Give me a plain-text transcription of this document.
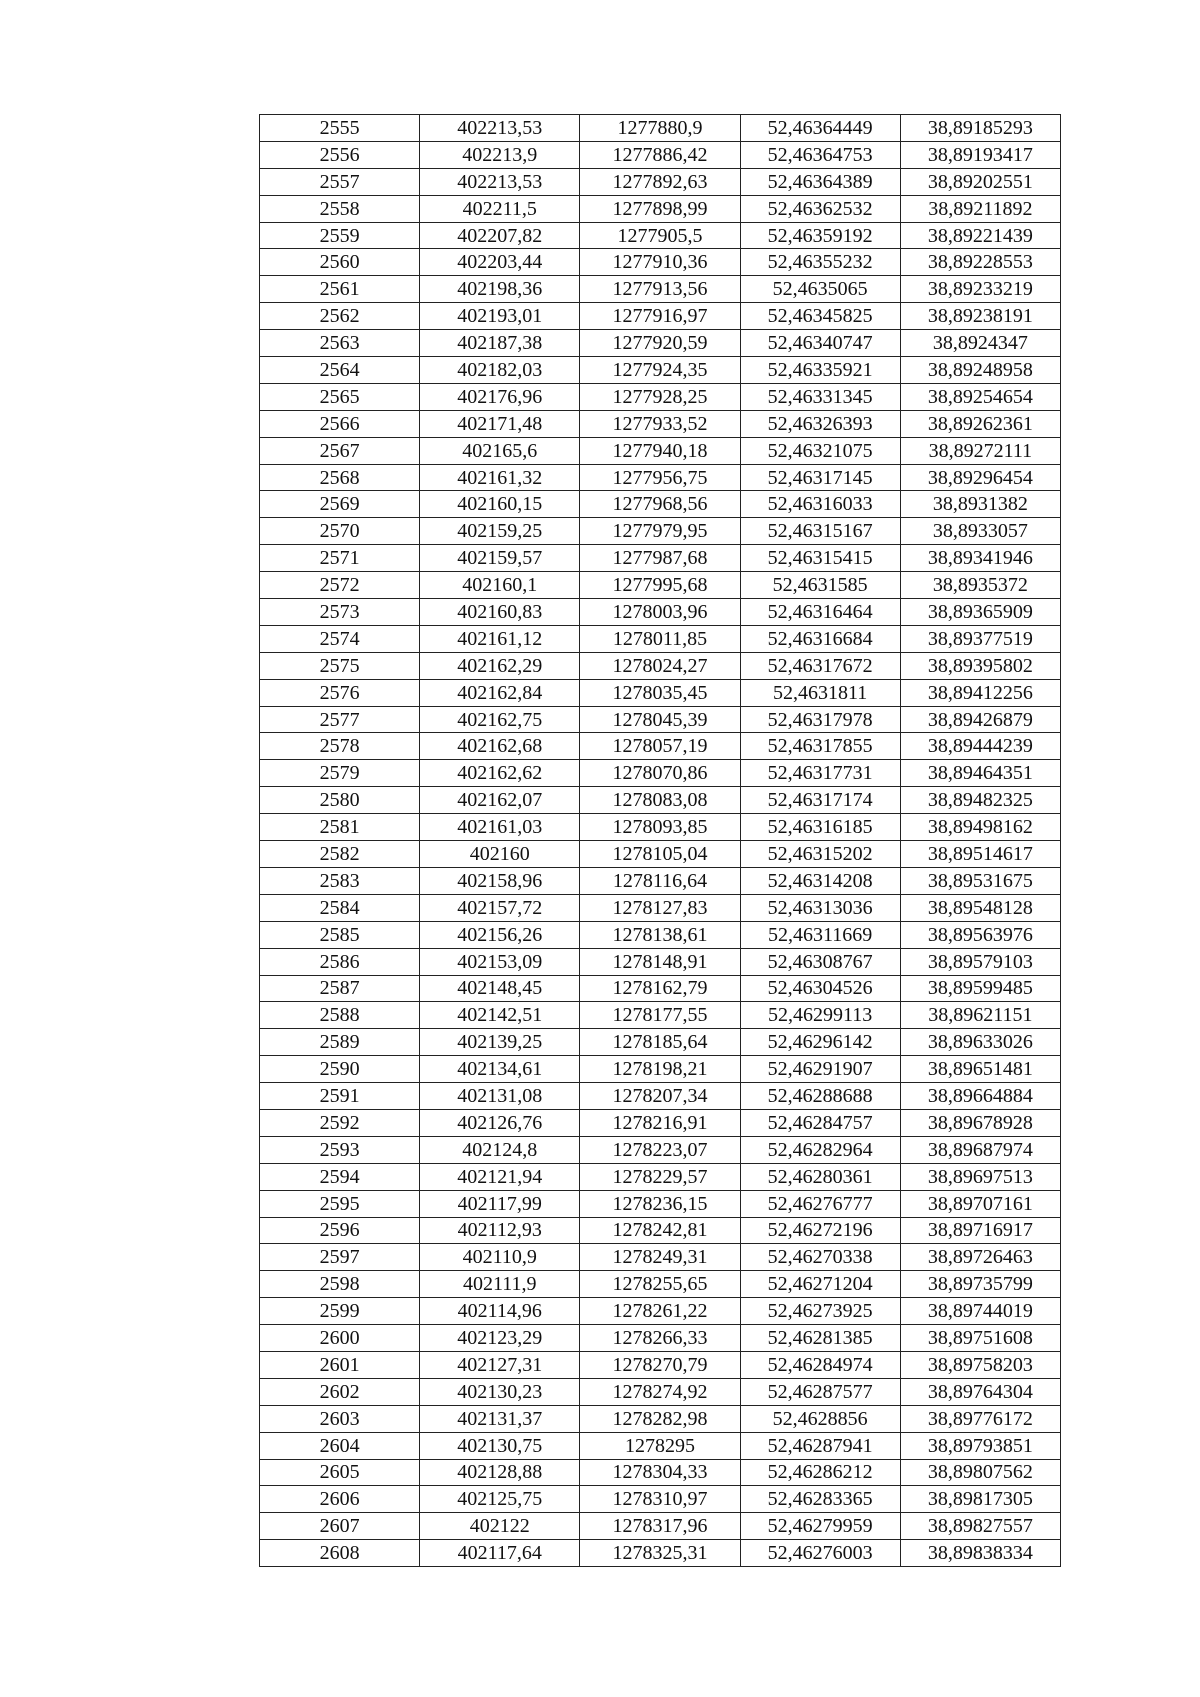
2555	402213,53	1277880,9	52,46364449	38,89185293
2556	402213,9	1277886,42	52,46364753	38,89193417
2557	402213,53	1277892,63	52,46364389	38,89202551
2558	402211,5	1277898,99	52,46362532	38,89211892
2559	402207,82	1277905,5	52,46359192	38,89221439
2560	402203,44	1277910,36	52,46355232	38,89228553
2561	402198,36	1277913,56	52,4635065	38,89233219
2562	402193,01	1277916,97	52,46345825	38,89238191
2563	402187,38	1277920,59	52,46340747	38,8924347
2564	402182,03	1277924,35	52,46335921	38,89248958
2565	402176,96	1277928,25	52,46331345	38,89254654
2566	402171,48	1277933,52	52,46326393	38,89262361
2567	402165,6	1277940,18	52,46321075	38,89272111
2568	402161,32	1277956,75	52,46317145	38,89296454
2569	402160,15	1277968,56	52,46316033	38,8931382
2570	402159,25	1277979,95	52,46315167	38,8933057
2571	402159,57	1277987,68	52,46315415	38,89341946
2572	402160,1	1277995,68	52,4631585	38,8935372
2573	402160,83	1278003,96	52,46316464	38,89365909
2574	402161,12	1278011,85	52,46316684	38,89377519
2575	402162,29	1278024,27	52,46317672	38,89395802
2576	402162,84	1278035,45	52,4631811	38,89412256
2577	402162,75	1278045,39	52,46317978	38,89426879
2578	402162,68	1278057,19	52,46317855	38,89444239
2579	402162,62	1278070,86	52,46317731	38,89464351
2580	402162,07	1278083,08	52,46317174	38,89482325
2581	402161,03	1278093,85	52,46316185	38,89498162
2582	402160	1278105,04	52,46315202	38,89514617
2583	402158,96	1278116,64	52,46314208	38,89531675
2584	402157,72	1278127,83	52,46313036	38,89548128
2585	402156,26	1278138,61	52,46311669	38,89563976
2586	402153,09	1278148,91	52,46308767	38,89579103
2587	402148,45	1278162,79	52,46304526	38,89599485
2588	402142,51	1278177,55	52,46299113	38,89621151
2589	402139,25	1278185,64	52,46296142	38,89633026
2590	402134,61	1278198,21	52,46291907	38,89651481
2591	402131,08	1278207,34	52,46288688	38,89664884
2592	402126,76	1278216,91	52,46284757	38,89678928
2593	402124,8	1278223,07	52,46282964	38,89687974
2594	402121,94	1278229,57	52,46280361	38,89697513
2595	402117,99	1278236,15	52,46276777	38,89707161
2596	402112,93	1278242,81	52,46272196	38,89716917
2597	402110,9	1278249,31	52,46270338	38,89726463
2598	402111,9	1278255,65	52,46271204	38,89735799
2599	402114,96	1278261,22	52,46273925	38,89744019
2600	402123,29	1278266,33	52,46281385	38,89751608
2601	402127,31	1278270,79	52,46284974	38,89758203
2602	402130,23	1278274,92	52,46287577	38,89764304
2603	402131,37	1278282,98	52,4628856	38,89776172
2604	402130,75	1278295	52,46287941	38,89793851
2605	402128,88	1278304,33	52,46286212	38,89807562
2606	402125,75	1278310,97	52,46283365	38,89817305
2607	402122	1278317,96	52,46279959	38,89827557
2608	402117,64	1278325,31	52,46276003	38,89838334
